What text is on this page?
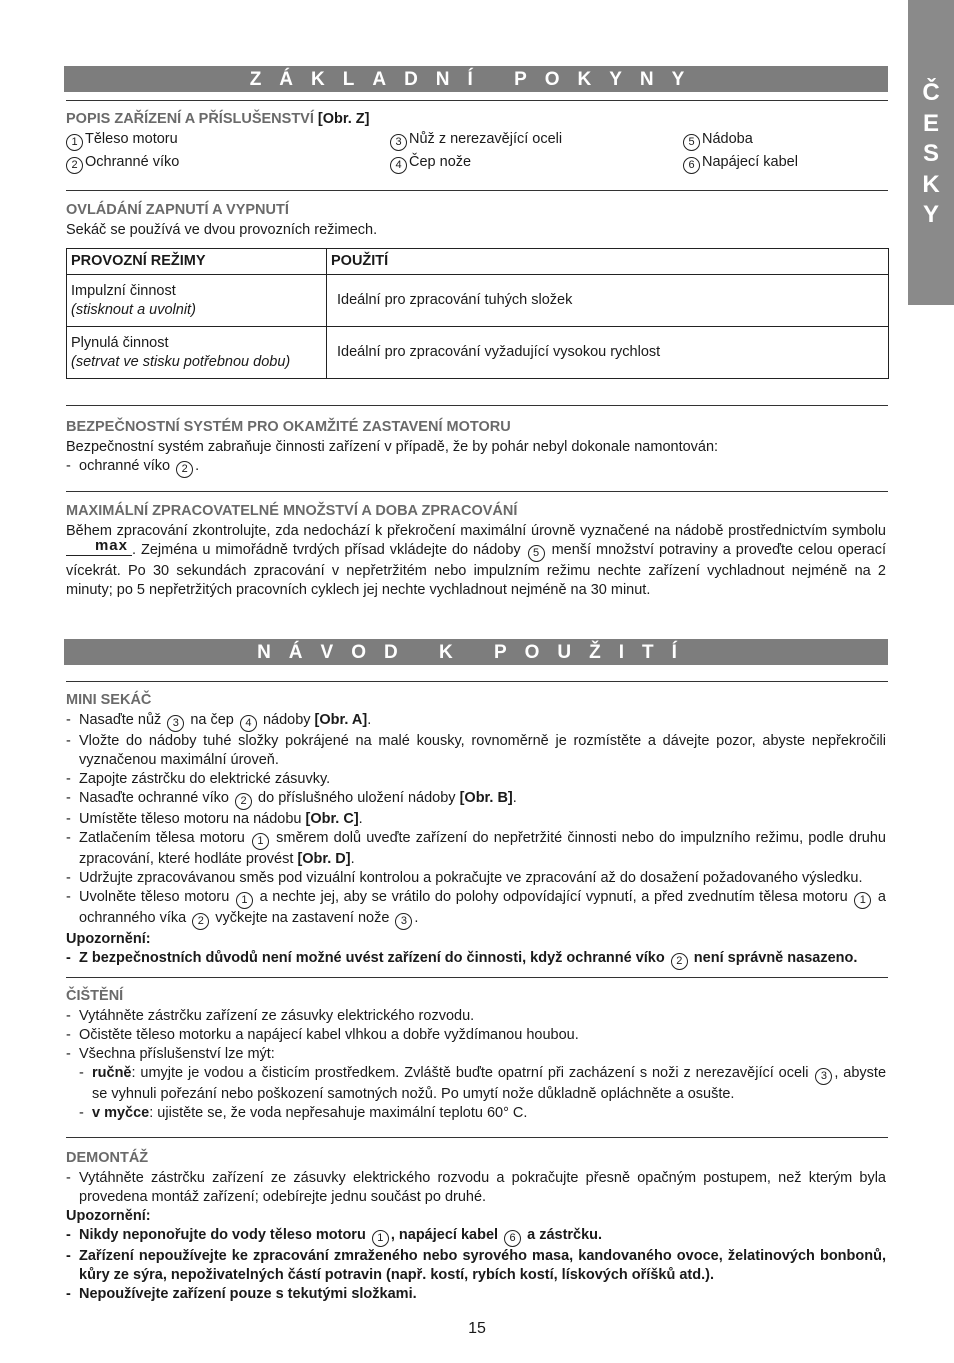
Č
E
S
K
Y
ZÁKLADNÍ POKYNY
POPIS ZAŘÍZENÍ A PŘÍSLUŠENSTVÍ [Obr. Z]
1 Těleso motoru
2 Ochranné víko
3 Nůž z nerezavějící oceli
4 Čep nože
5 Nádoba
6 Napájecí kabel
OVLÁDÁNÍ ZAPNUTÍ A VYPNUTÍ
Sekáč se používá ve dvou provozních režimech.
PROVOZNÍ REŽIMY	POUŽITÍ

Impulzní činnost
(stisknout a uvolnit)	Ideální pro zpracování tuhých složek

Plynulá činnost
(setrvat ve stisku potřebnou dobu)	Ideální pro zpracování vyžadující vysokou rychlost
BEZPEČNOSTNÍ SYSTÉM PRO OKAMŽITÉ ZASTAVENÍ MOTORU
Bezpečnostní systém zabraňuje činnosti zařízení v případě, že by pohár nebyl dokonale namontován:
- ochranné víko 2 .
MAXIMÁLNÍ ZPRACOVATELNÉ MNOŽSTVÍ A DOBA ZPRACOVÁNÍ
Během zpracování zkontrolujte, zda nedochází k překročení maximální úrovně vyznačené na nádobě prostřednictvím symbolu
max . Zejména u mimořádně tvrdých přísad vkládejte do nádoby 5 menší množství potraviny a proveďte celou operací vícekrát. Po 30 sekundách zpracování v nepřetržitém nebo impulzním režimu nechte zařízení vychladnout nejméně na 2 minuty; po 5 nepřetržitých pracovních cyklech jej nechte vychladnout nejméně na 30 minut.
NÁVOD K POUŽITÍ
MINI SEKÁČ
- Nasaďte nůž 3 na čep 4 nádoby [Obr. A].
- Vložte do nádoby tuhé složky pokrájené na malé kousky, rovnoměrně je rozmístěte a dávejte pozor, abyste nepřekročili vyznačenou maximální úroveň.
- Zapojte zástrčku do elektrické zásuvky.
- Nasaďte ochranné víko 2 do příslušného uložení nádoby [Obr. B].
- Umístěte těleso motoru na nádobu [Obr. C].
- Zatlačením tělesa motoru 1 směrem dolů uveďte zařízení do nepřetržité činnosti nebo do impulzního režimu, podle druhu zpracování, které hodláte provést [Obr. D].
- Udržujte zpracovávanou směs pod vizuální kontrolou a pokračujte ve zpracování až do dosažení požadovaného výsledku.
- Uvolněte těleso motoru 1 a nechte jej, aby se vrátilo do polohy odpovídající vypnutí, a před zvednutím tělesa motoru 1 a ochranného víka 2 vyčkejte na zastavení nože 3 .
Upozornění:
- Z bezpečnostních důvodů není možné uvést zařízení do činnosti, když ochranné víko 2 není správně nasazeno.
ČIŠTĚNÍ
- Vytáhněte zástrčku zařízení ze zásuvky elektrického rozvodu.
- Očistěte těleso motorku a napájecí kabel vlhkou a dobře vyždímanou houbou.
- Všechna příslušenství lze mýt:
- ručně: umyjte je vodou a čisticím prostředkem. Zvláště buďte opatrní při zacházení s noži z nerezavějící oceli 3 , abyste se vyhnuli pořezání nebo poškození samotných nožů. Po umytí nože důkladně opláchněte a osušte.
- v myčce: ujistěte se, že voda nepřesahuje maximální teplotu 60° C.
DEMONTÁŽ
- Vytáhněte zástrčku zařízení ze zásuvky elektrického rozvodu a pokračujte přesně opačným postupem, než kterým byla provedena montáž zařízení; odebírejte jednu součást po druhé.
Upozornění:
- Nikdy neponořujte do vody těleso motoru 1 , napájecí kabel 6 a zástrčku.
- Zařízení nepoužívejte ke zpracování zmraženého nebo syrového masa, kandovaného ovoce, želatinových bonbonů, kůry ze sýra, nepoživatelných částí potravin (např. kostí, rybích kostí, lískových oříšků atd.).
- Nepoužívejte zařízení pouze s tekutými složkami.
15
